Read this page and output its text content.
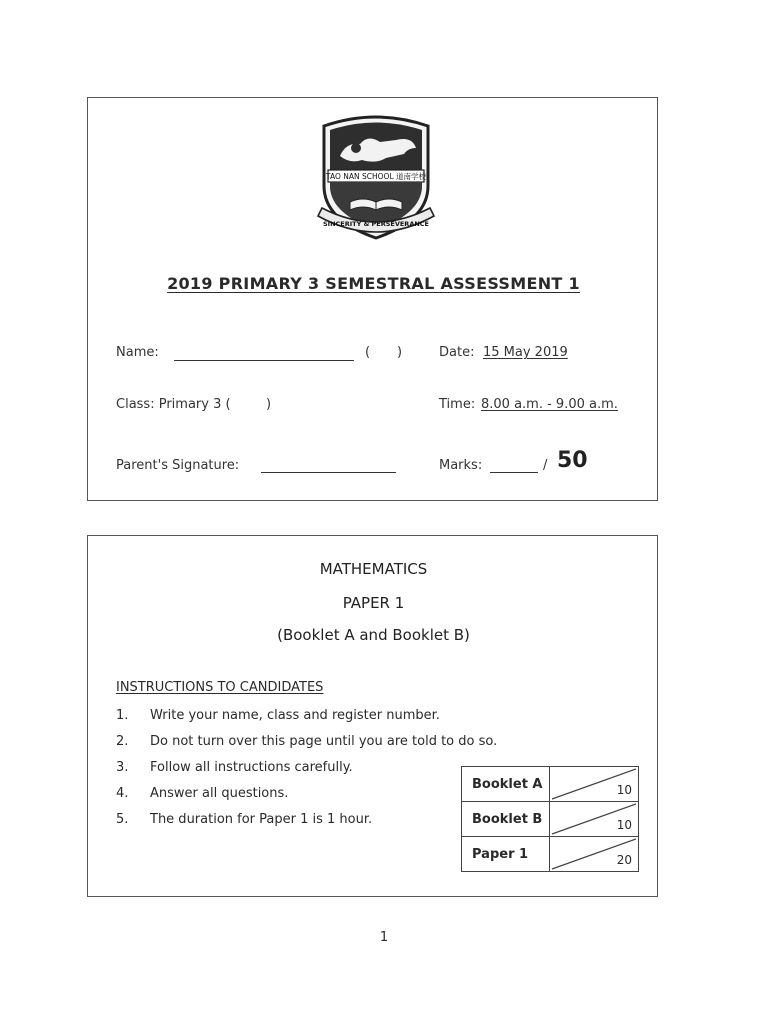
TAO NAN SCHOOL 道南学校
SINCERITY & PERSEVERANCE
2019 PRIMARY 3 SEMESTRAL ASSESSMENT 1
Name:	( )	Date: 15 May 2019
Class: Primary 3 (	)	Time: 8.00 a.m. - 9.00 a.m.
Parent's Signature:	Marks:	/ 50
MATHEMATICS
PAPER 1
(Booklet A and Booklet B)
INSTRUCTIONS TO CANDIDATES
1. Write your name, class and register number.
2. Do not turn over this page until you are told to do so.
3. Follow all instructions carefully.
4. Answer all questions.
5. The duration for Paper 1 is 1 hour.
Booklet A	10

Booklet B	10

Paper 1	20
1
